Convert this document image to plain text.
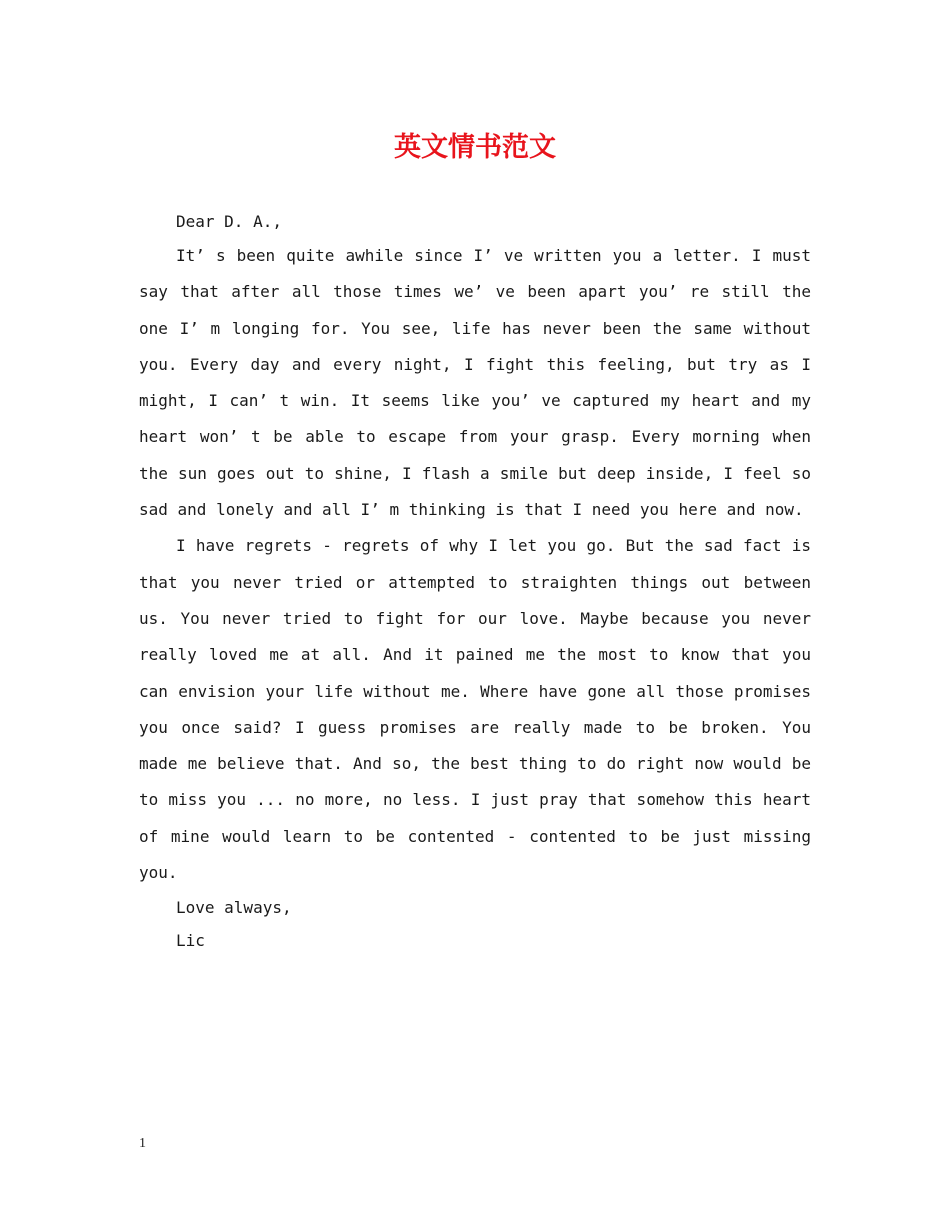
英文情书范文

Dear D. A.,

It’ s been quite awhile since I’ ve written you a letter. I must say that after all those times we’ ve been apart you’ re still the one I’ m longing for. You see, life has never been the same without you. Every day and every night, I fight this feeling, but try as I might, I can’ t win. It seems like you’ ve captured my heart and my heart won’ t be able to escape from your grasp. Every morning when the sun goes out to shine, I flash a smile but deep inside, I feel so sad and lonely and all I’ m thinking is that I need you here and now.

I have regrets - regrets of why I let you go. But the sad fact is that you never tried or attempted to straighten things out between us. You never tried to fight for our love. Maybe because you never really loved me at all. And it pained me the most to know that you can envision your life without me. Where have gone all those promises you once said? I guess promises are really made to be broken. You made me believe that. And so, the best thing to do right now would be to miss you ... no more, no less. I just pray that somehow this heart of mine would learn to be contented - contented to be just missing you.

Love always,

Lic

1
